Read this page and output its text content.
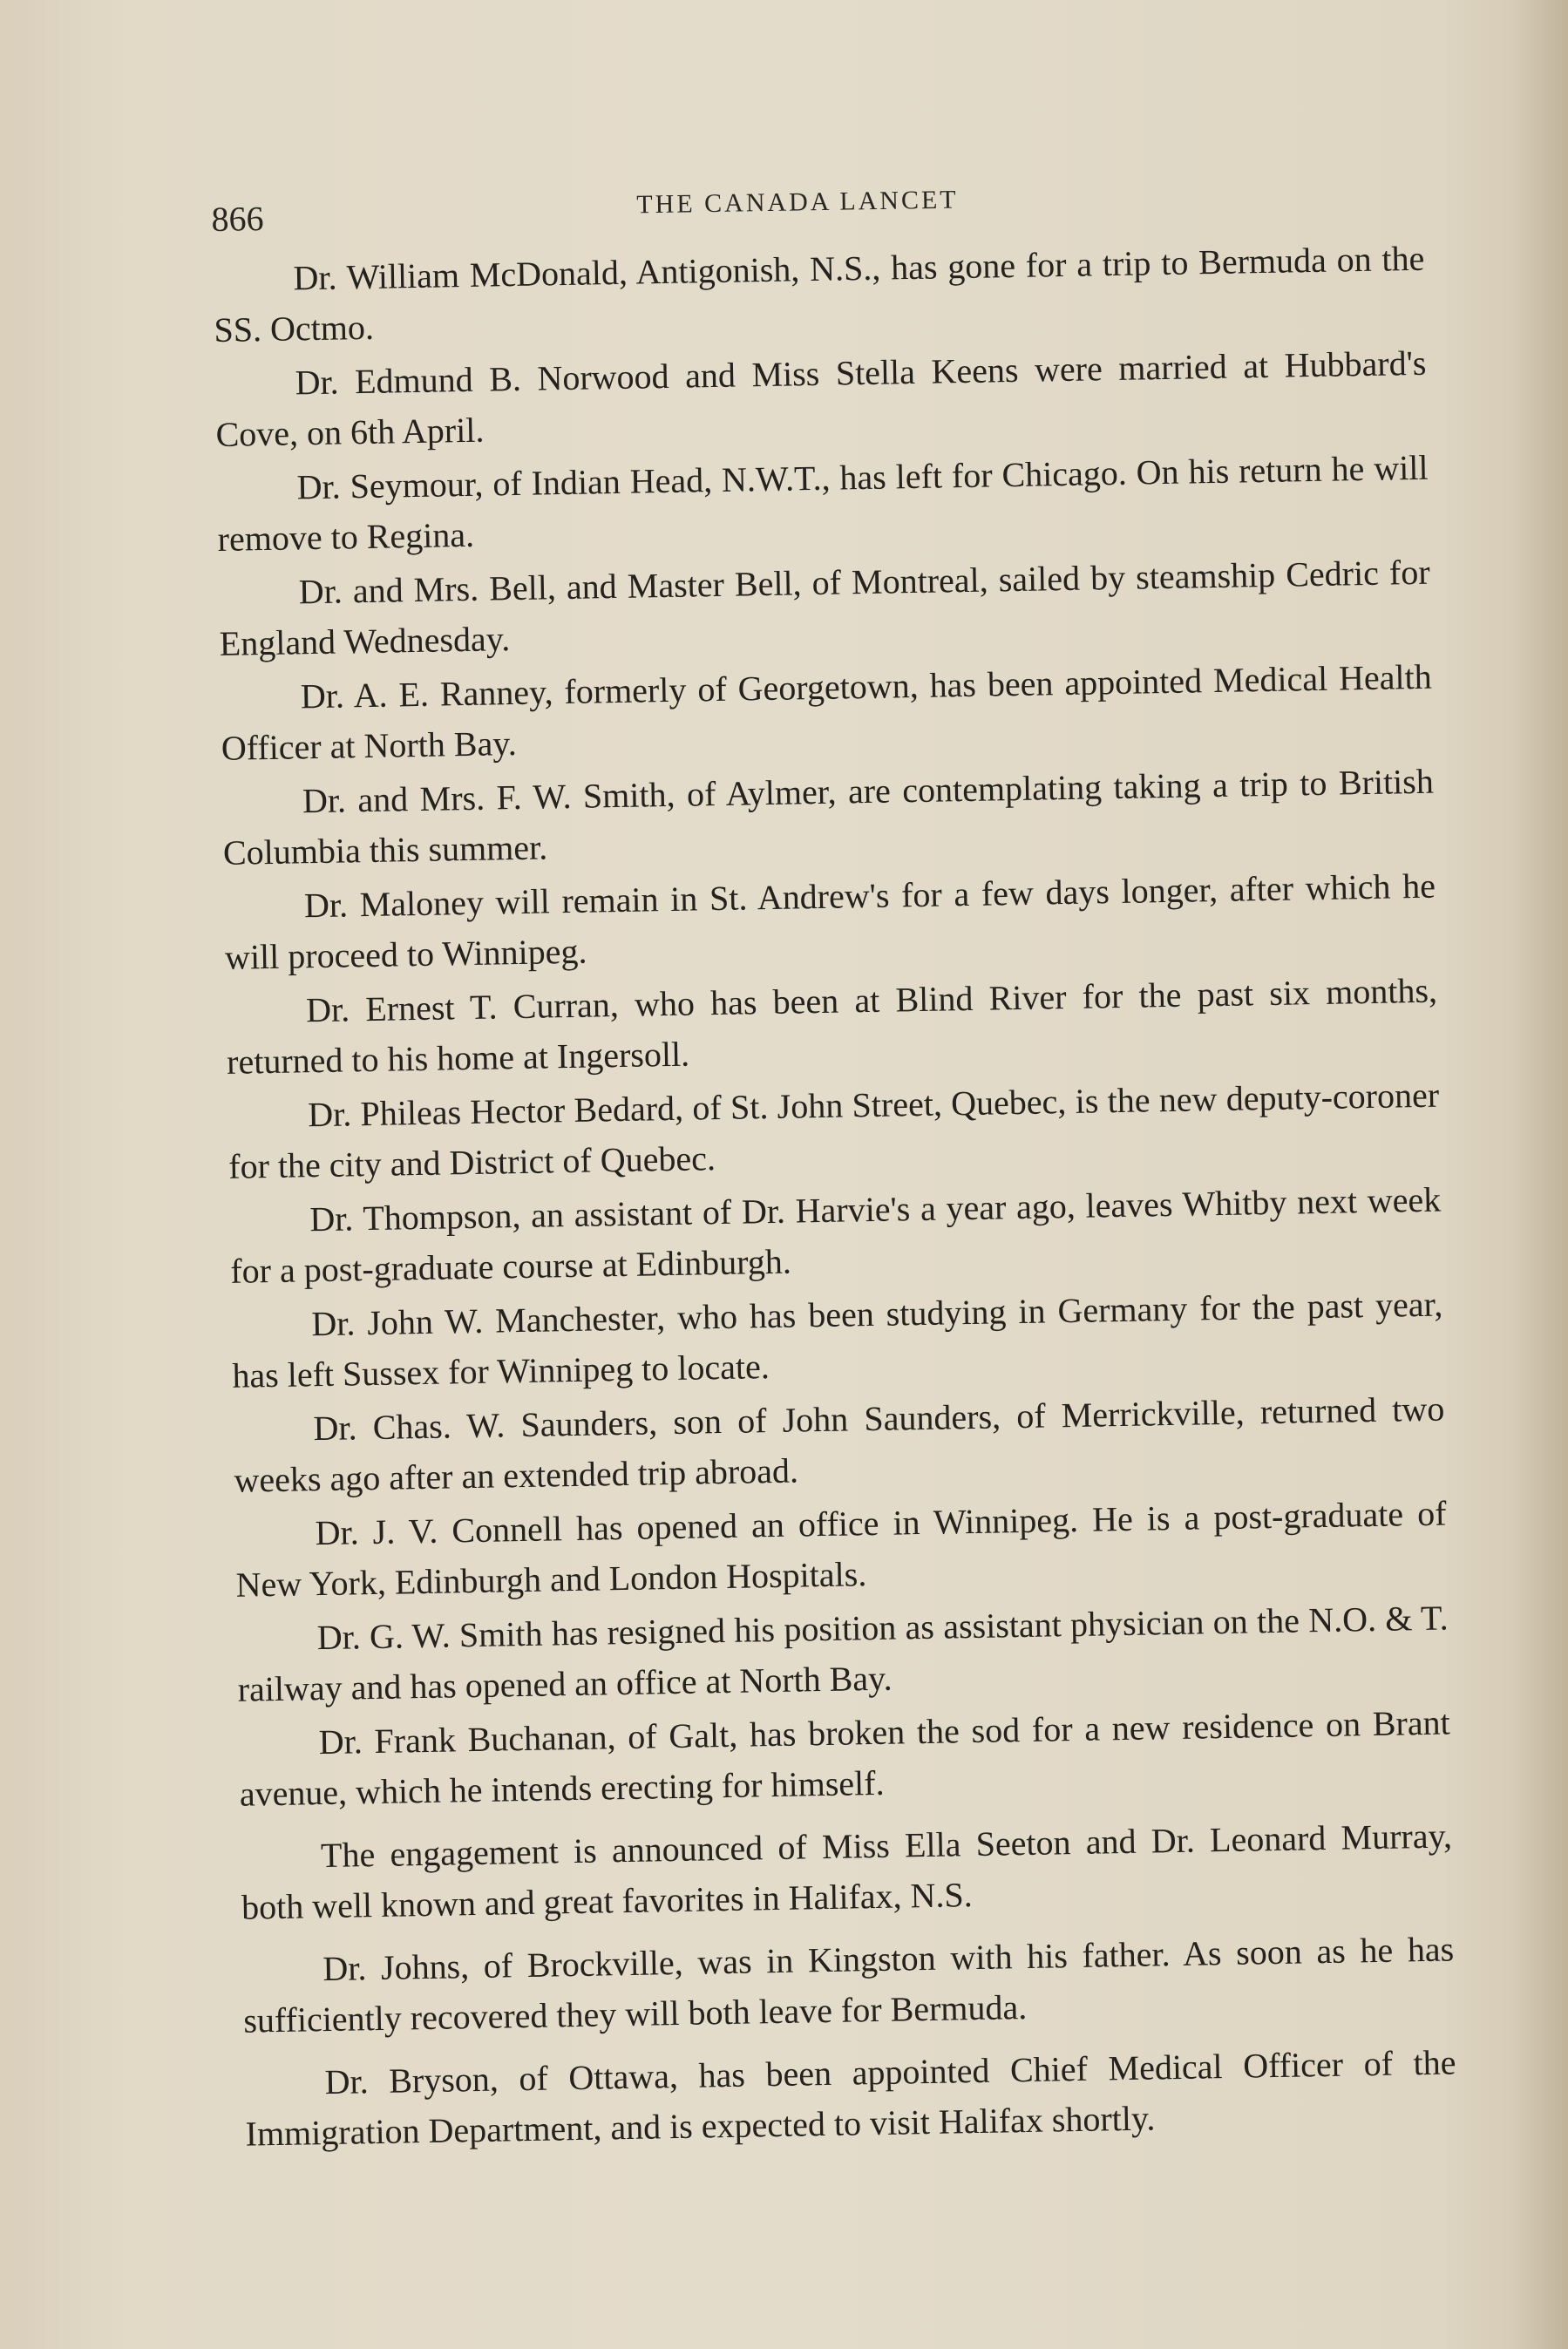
866	THE CANADA LANCET

Dr. William McDonald, Antigonish, N.S., has gone for a trip to Bermuda on the SS. Octmo.

Dr. Edmund B. Norwood and Miss Stella Keens were married at Hubbard's Cove, on 6th April.

Dr. Seymour, of Indian Head, N.W.T., has left for Chicago. On his return he will remove to Regina.

Dr. and Mrs. Bell, and Master Bell, of Montreal, sailed by steamship Cedric for England Wednesday.

Dr. A. E. Ranney, formerly of Georgetown, has been appointed Medical Health Officer at North Bay.

Dr. and Mrs. F. W. Smith, of Aylmer, are contemplating taking a trip to British Columbia this summer.

Dr. Maloney will remain in St. Andrew's for a few days longer, after which he will proceed to Winnipeg.

Dr. Ernest T. Curran, who has been at Blind River for the past six months, returned to his home at Ingersoll.

Dr. Phileas Hector Bedard, of St. John Street, Quebec, is the new deputy-coroner for the city and District of Quebec.

Dr. Thompson, an assistant of Dr. Harvie's a year ago, leaves Whitby next week for a post-graduate course at Edinburgh.

Dr. John W. Manchester, who has been studying in Germany for the past year, has left Sussex for Winnipeg to locate.

Dr. Chas. W. Saunders, son of John Saunders, of Merrickville, returned two weeks ago after an extended trip abroad.

Dr. J. V. Connell has opened an office in Winnipeg. He is a post-graduate of New York, Edinburgh and London Hospitals.

Dr. G. W. Smith has resigned his position as assistant physician on the N.O. & T. railway and has opened an office at North Bay.

Dr. Frank Buchanan, of Galt, has broken the sod for a new residence on Brant avenue, which he intends erecting for himself.

The engagement is announced of Miss Ella Seeton and Dr. Leonard Murray, both well known and great favorites in Halifax, N.S.

Dr. Johns, of Brockville, was in Kingston with his father. As soon as he has sufficiently recovered they will both leave for Bermuda.

Dr. Bryson, of Ottawa, has been appointed Chief Medical Officer of the Immigration Department, and is expected to visit Halifax shortly.
